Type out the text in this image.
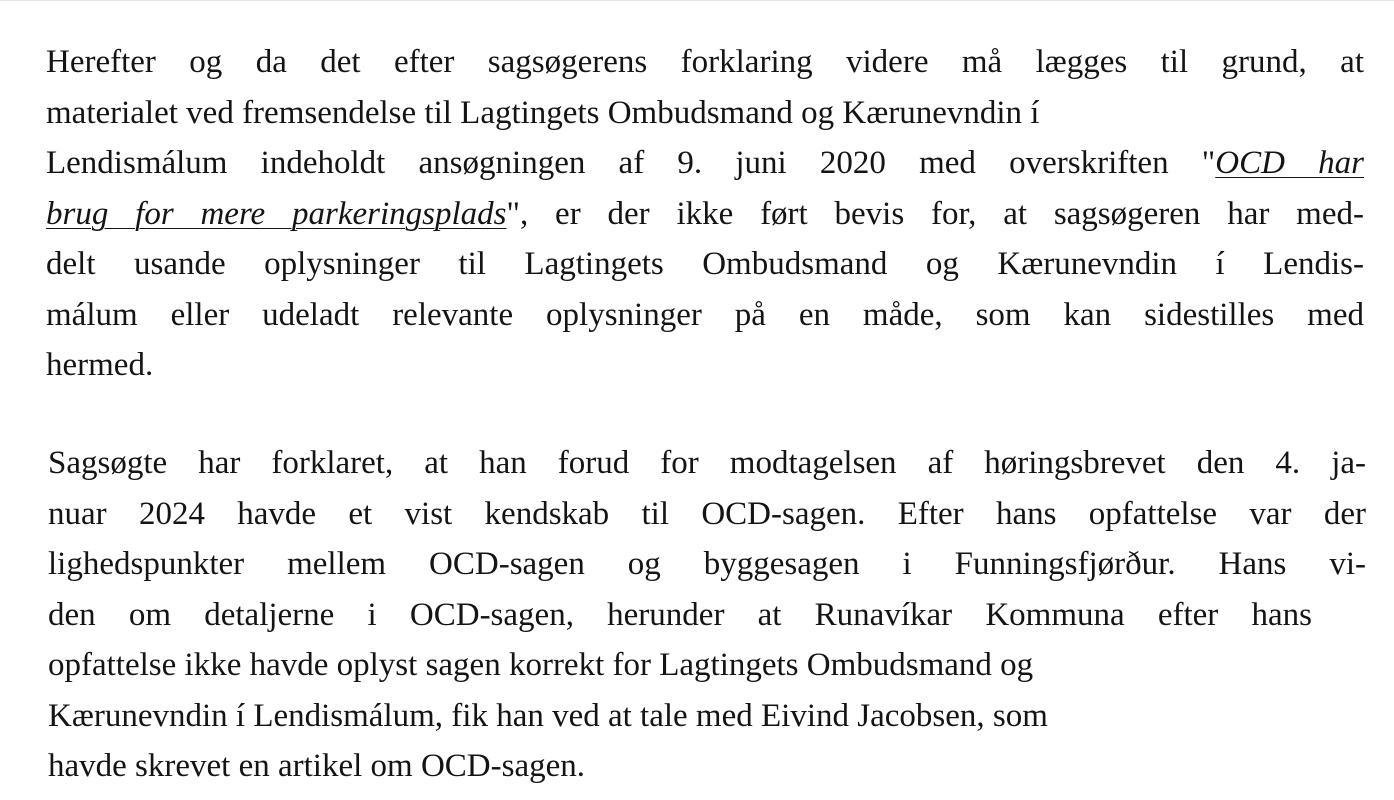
Herefter og da det efter sagsøgerens forklaring videre må lægges til grund, at
materialet ved fremsendelse til Lagtingets Ombudsmand og Kærunevndin í
Lendismálum indeholdt ansøgningen af 9. juni 2020 med overskriften "OCD har
brug for mere parkeringsplads", er der ikke ført bevis for, at sagsøgeren har med-
delt usande oplysninger til Lagtingets Ombudsmand og Kærunevndin í Lendis-
málum eller udeladt relevante oplysninger på en måde, som kan sidestilles med
hermed.

Sagsøgte har forklaret, at han forud for modtagelsen af høringsbrevet den 4. ja-
nuar 2024 havde et vist kendskab til OCD-sagen. Efter hans opfattelse var der
lighedspunkter mellem OCD-sagen og byggesagen i Funningsfjørður. Hans vi-
den om detaljerne i OCD-sagen, herunder at Runavíkar Kommuna efter hans
opfattelse ikke havde oplyst sagen korrekt for Lagtingets Ombudsmand og
Kærunevndin í Lendismálum, fik han ved at tale med Eivind Jacobsen, som
havde skrevet en artikel om OCD-sagen.
